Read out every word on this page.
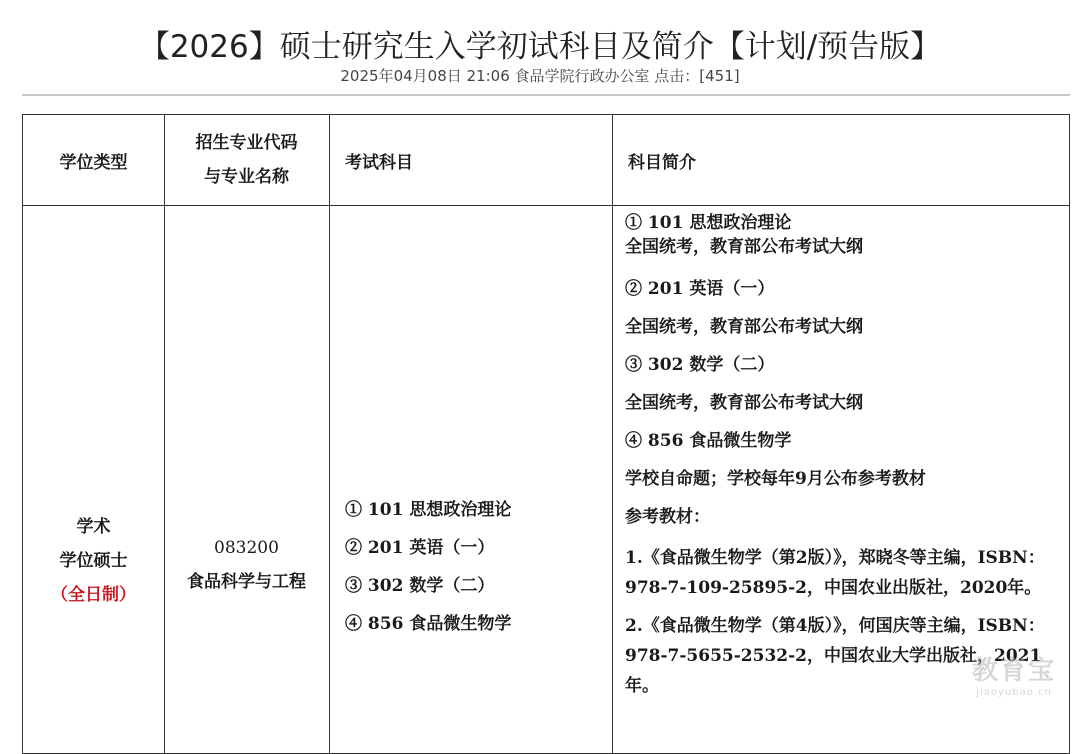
【2026】硕士研究生入学初试科目及简介【计划/预告版】
2025年04月08日 21:06 食品学院行政办公室 点击：[451]
学位类型
招生专业代码
与专业名称
考试科目	科目简介
学术
学位硕士
（全日制）
083200
食品科学与工程
① 101 思想政治理论
② 201 英语（一）
③ 302 数学（二）
④ 856 食品微生物学
① 101 思想政治理论
全国统考，教育部公布考试大纲
② 201 英语（一）
全国统考，教育部公布考试大纲
③ 302 数学（二）
全国统考，教育部公布考试大纲
④ 856 食品微生物学
学校自命题；学校每年9月公布参考教材
参考教材：
1.《食品微生物学（第2版）》，郑晓冬等主编，ISBN：978-7-109-25895-2，中国农业出版社，2020年。
2.《食品微生物学（第4版）》，何国庆等主编，ISBN：978-7-5655-2532-2，中国农业大学出版社，2021年。	教育宝
jiaoyubao.cn
